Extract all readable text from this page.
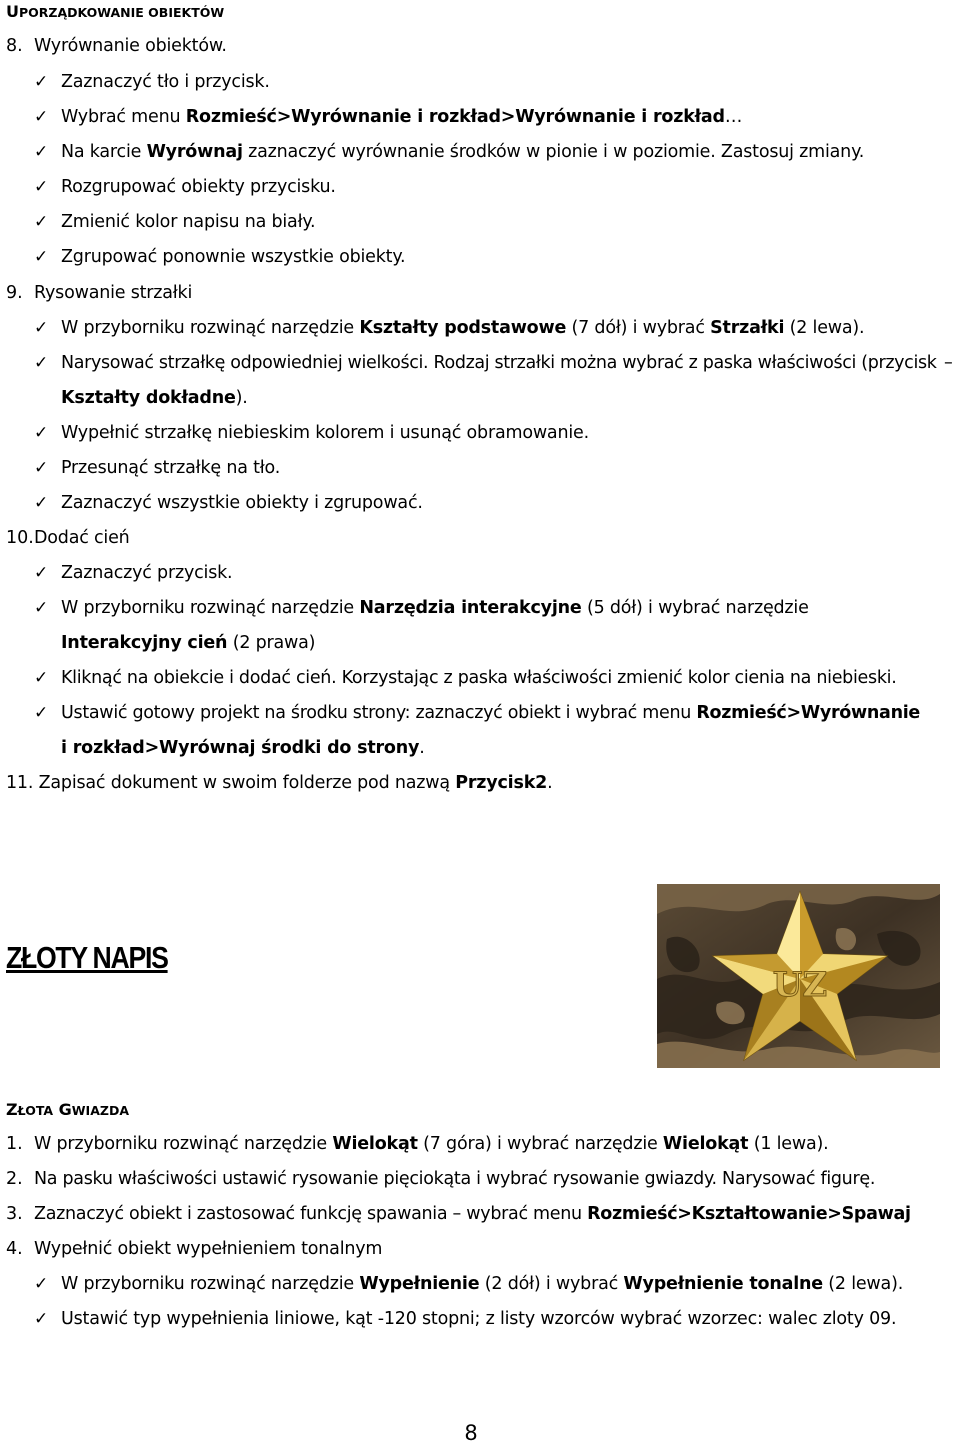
UPORZĄDKOWANIE OBIEKTÓW
8. Wyrównanie obiektów.
✓ Zaznaczyć tło i przycisk.
✓ Wybrać menu Rozmieść>Wyrównanie i rozkład>Wyrównanie i rozkład…
✓ Na karcie Wyrównaj zaznaczyć wyrównanie środków w pionie i w poziomie. Zastosuj zmiany.
✓ Rozgrupować obiekty przycisku.
✓ Zmienić kolor napisu na biały.
✓ Zgrupować ponownie wszystkie obiekty.
9. Rysowanie strzałki
✓ W przyborniku rozwinąć narzędzie Kształty podstawowe (7 dół) i wybrać Strzałki (2 lewa).
✓ Narysować strzałkę odpowiedniej wielkości. Rodzaj strzałki można wybrać z paska właściwości (przycisk –
Kształty dokładne).
✓ Wypełnić strzałkę niebieskim kolorem i usunąć obramowanie.
✓ Przesunąć strzałkę na tło.
✓ Zaznaczyć wszystkie obiekty i zgrupować.
10. Dodać cień
✓ Zaznaczyć przycisk.
✓ W przyborniku rozwinąć narzędzie Narzędzia interakcyjne (5 dół) i wybrać narzędzie
Interakcyjny cień (2 prawa)
✓ Kliknąć na obiekcie i dodać cień. Korzystając z paska właściwości zmienić kolor cienia na niebieski.
✓ Ustawić gotowy projekt na środku strony: zaznaczyć obiekt i wybrać menu Rozmieść>Wyrównanie
i rozkład>Wyrównaj środki do strony.
11. Zapisać dokument w swoim folderze pod nazwą Przycisk2.
ZŁOTY NAPIS
UZ
ZŁOTA GWIAZDA
1. W przyborniku rozwinąć narzędzie Wielokąt (7 góra) i wybrać narzędzie Wielokąt (1 lewa).
2. Na pasku właściwości ustawić rysowanie pięciokąta i wybrać rysowanie gwiazdy. Narysować figurę.
3. Zaznaczyć obiekt i zastosować funkcję spawania – wybrać menu Rozmieść>Kształtowanie>Spawaj
4. Wypełnić obiekt wypełnieniem tonalnym
✓ W przyborniku rozwinąć narzędzie Wypełnienie (2 dół) i wybrać Wypełnienie tonalne (2 lewa).
✓ Ustawić typ wypełnienia liniowe, kąt -120 stopni; z listy wzorców wybrać wzorzec: walec zloty 09.
8
